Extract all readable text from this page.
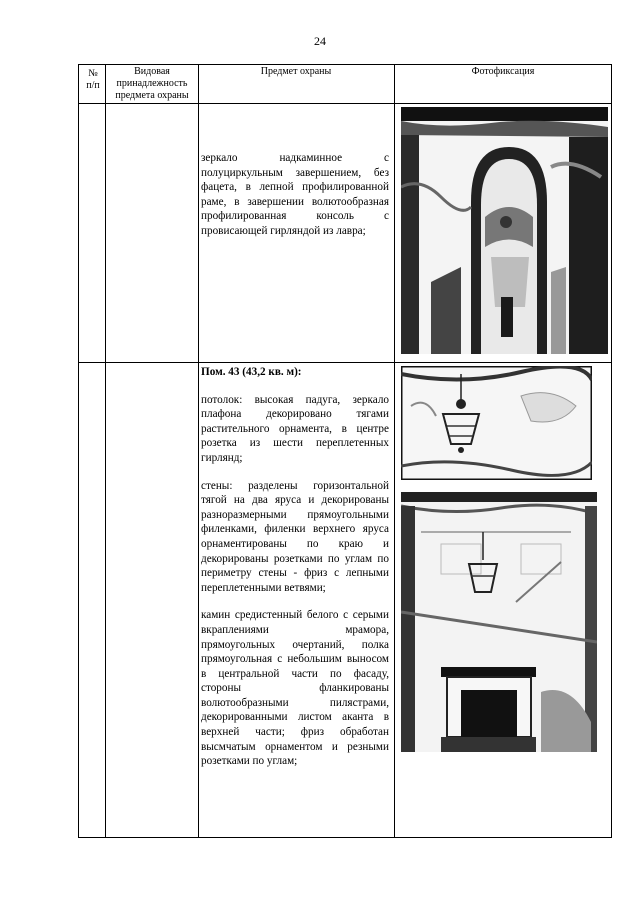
24
№ п/п
Видовая принадлежность предмета охраны
Предмет охраны	Фотофиксация

зеркало надкаминное с полуциркульным завершением, без фацета, в лепной профилированной раме, в завершении волютообразная профилированная консоль с провисающей гирляндой из лавра;

Пом. 43 (43,2 кв. м):

потолок: высокая падуга, зеркало плафона декорировано тягами растительного орнамента, в центре розетка из шести переплетенных гирлянд;

стены: разделены горизонтальной тягой на два яруса и декорированы разноразмерными прямоугольными филенками, филенки верхнего яруса орнаментированы по краю и декорированы розетками по углам по периметру стены - фриз с лепными переплетенными ветвями;

камин средистенный белого с серыми вкраплениями мрамора, прямоугольных очертаний, полка прямоугольная с небольшим выносом в центральной части по фасаду, стороны фланкированы волютообразными пилястрами, декорированными листом аканта в верхней части; фриз обработан высмчатым орнаментом и резными розетками по углам;
